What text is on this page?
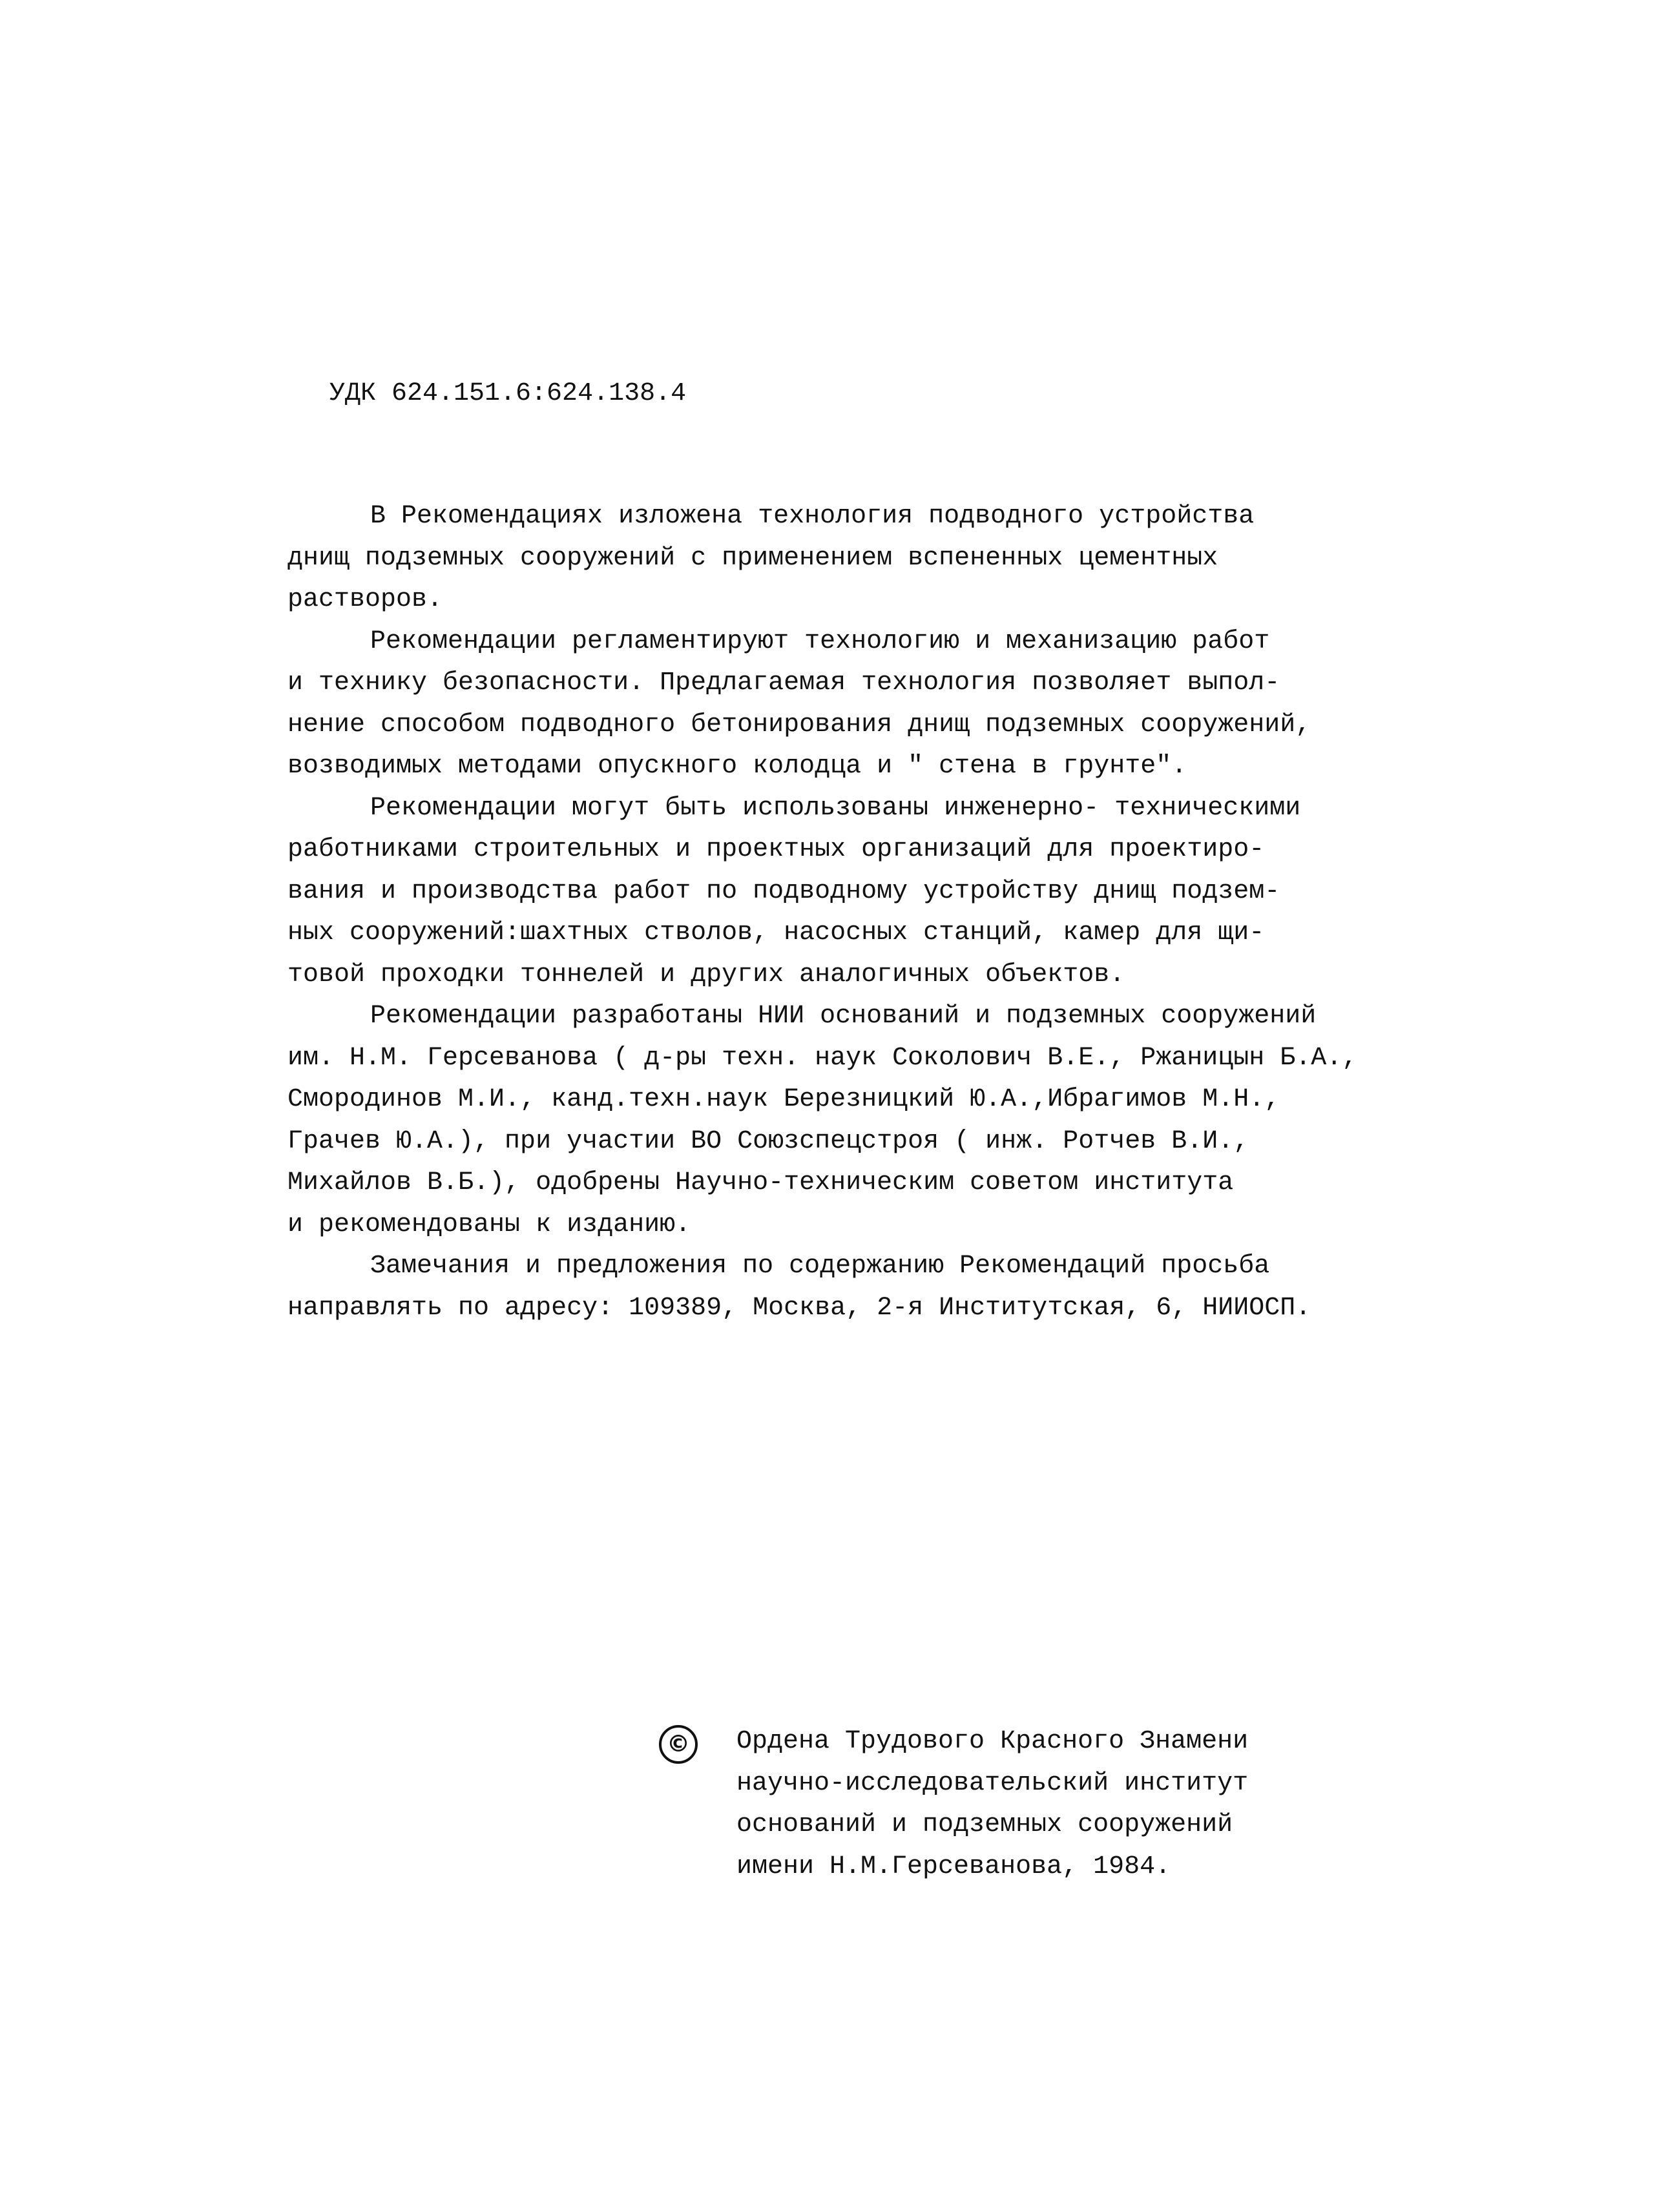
УДК 624.151.6:624.138.4
В Рекомендациях изложена технология подводного устройства
днищ подземных сооружений с применением вспененных цементных
растворов.
Рекомендации регламентируют технологию и механизацию работ
и технику безопасности. Предлагаемая технология позволяет выпол-
нение способом подводного бетонирования днищ подземных сооружений,
возводимых методами опускного колодца и " стена в грунте".
Рекомендации могут быть использованы инженерно- техническими
работниками строительных и проектных организаций для проектиро-
вания и производства работ по подводному устройству днищ подзем-
ных сооружений:шахтных стволов, насосных станций, камер для щи-
товой проходки тоннелей и других аналогичных объектов.
Рекомендации разработаны НИИ оснований и подземных сооружений
им. Н.М. Герсеванова ( д-ры техн. наук Соколович В.Е., Ржаницын Б.А.,
Смородинов М.И., канд.техн.наук Березницкий Ю.А.,Ибрагимов М.Н.,
Грачев Ю.А.), при участии ВО Союзспецстроя ( инж. Ротчев В.И.,
Михайлов В.Б.), одобрены Научно-техническим советом института
и рекомендованы к изданию.
Замечания и предложения по содержанию Рекомендаций просьба
направлять по адресу: 109389, Москва, 2-я Институтская, 6, НИИОСП.
©	Ордена Трудового Красного Знамени
научно-исследовательский институт
оснований и подземных сооружений
имени Н.М.Герсеванова, 1984.
